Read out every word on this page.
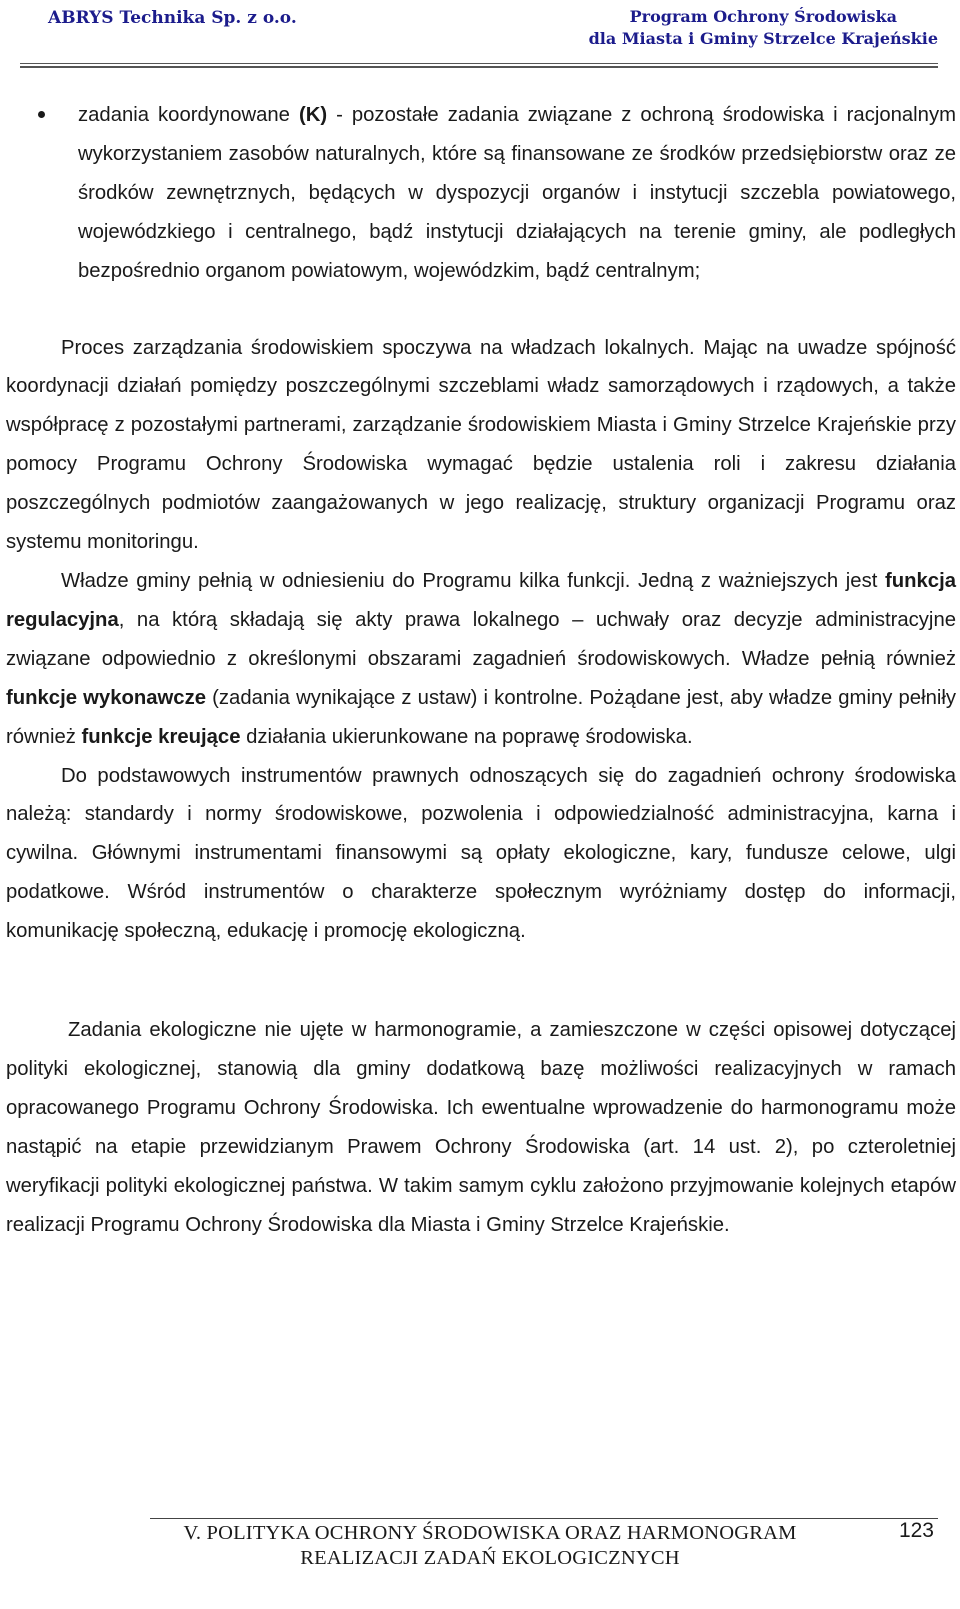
ABRYS Technika Sp. z o.o.	Program Ochrony Środowiska
dla Miasta i Gminy Strzelce Krajeńskie
zadania koordynowane (K) - pozostałe zadania związane z ochroną środowiska i racjonalnym wykorzystaniem zasobów naturalnych, które są finansowane ze środków przedsiębiorstw oraz ze środków zewnętrznych, będących w dyspozycji organów i instytucji szczebla powiatowego, wojewódzkiego i centralnego, bądź instytucji działających na terenie gminy, ale podległych bezpośrednio organom powiatowym, wojewódzkim, bądź centralnym;

Proces zarządzania środowiskiem spoczywa na władzach lokalnych. Mając na uwadze spójność koordynacji działań pomiędzy poszczególnymi szczeblami władz samorządowych i rządowych, a także współpracę z pozostałymi partnerami, zarządzanie środowiskiem Miasta i Gminy Strzelce Krajeńskie przy pomocy Programu Ochrony Środowiska wymagać będzie ustalenia roli i zakresu działania poszczególnych podmiotów zaangażowanych w jego realizację, struktury organizacji Programu oraz systemu monitoringu.

Władze gminy pełnią w odniesieniu do Programu kilka funkcji. Jedną z ważniejszych jest funkcja regulacyjna, na którą składają się akty prawa lokalnego – uchwały oraz decyzje administracyjne związane odpowiednio z określonymi obszarami zagadnień środowiskowych. Władze pełnią również funkcje wykonawcze (zadania wynikające z ustaw) i kontrolne. Pożądane jest, aby władze gminy pełniły również funkcje kreujące działania ukierunkowane na poprawę środowiska.

Do podstawowych instrumentów prawnych odnoszących się do zagadnień ochrony środowiska należą: standardy i normy środowiskowe, pozwolenia i odpowiedzialność administracyjna, karna i cywilna. Głównymi instrumentami finansowymi są opłaty ekologiczne, kary, fundusze celowe, ulgi podatkowe. Wśród instrumentów o charakterze społecznym wyróżniamy dostęp do informacji, komunikację społeczną, edukację i promocję ekologiczną.

Zadania ekologiczne nie ujęte w harmonogramie, a zamieszczone w części opisowej dotyczącej polityki ekologicznej, stanowią dla gminy dodatkową bazę możliwości realizacyjnych w ramach opracowanego Programu Ochrony Środowiska. Ich ewentualne wprowadzenie do harmonogramu może nastąpić na etapie przewidzianym Prawem Ochrony Środowiska (art. 14 ust. 2), po czteroletniej weryfikacji polityki ekologicznej państwa. W takim samym cyklu założono przyjmowanie kolejnych etapów realizacji Programu Ochrony Środowiska dla Miasta i Gminy Strzelce Krajeńskie.

V. POLITYKA OCHRONY ŚRODOWISKA ORAZ HARMONOGRAM
REALIZACJI ZADAŃ EKOLOGICZNYCH
123
